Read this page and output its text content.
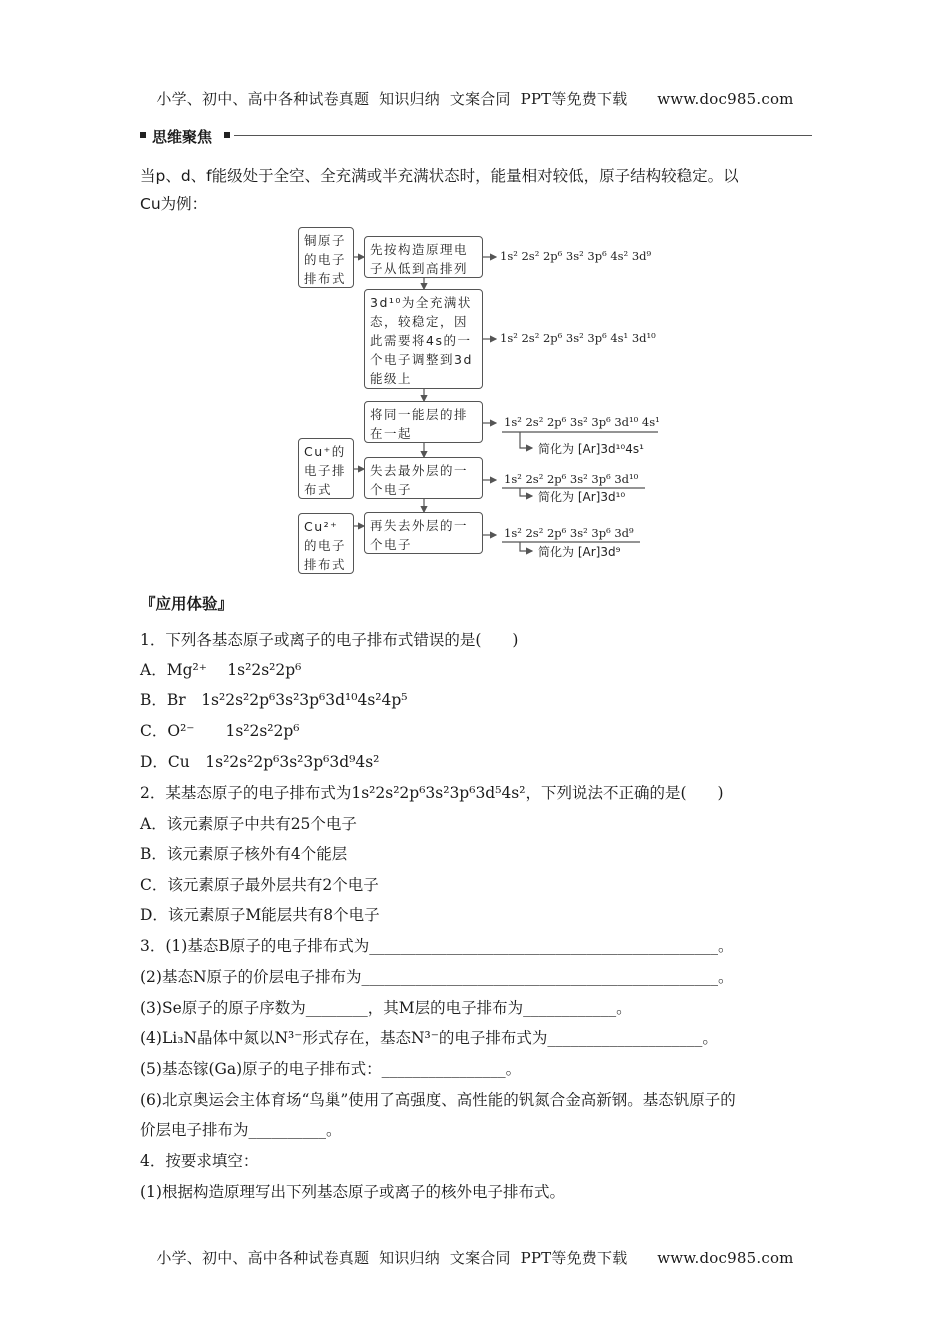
小学、初中、高中各种试卷真题  知识归纳  文案合同  PPT等免费下载      www.doc985.com
思维聚焦
当p、d、f能级处于全空、全充满或半充满状态时，能量相对较低，原子结构较稳定。以
Cu为例：
铜原子的电子排布式
Cu⁺的电子排布式
Cu²⁺的电子排布式
先按构造原理电子从低到高排列
3d¹⁰为全充满状态，较稳定，因此需要将4s的一个电子调整到3d能级上
将同一能层的排在一起
失去最外层的一个电子
再失去外层的一个电子
1s² 2s² 2p⁶ 3s² 3p⁶ 4s² 3d⁹
1s² 2s² 2p⁶ 3s² 3p⁶ 4s¹ 3d¹⁰
1s² 2s² 2p⁶ 3s² 3p⁶ 3d¹⁰ 4s¹
简化为 [Ar]3d¹⁰4s¹
1s² 2s² 2p⁶ 3s² 3p⁶ 3d¹⁰
简化为 [Ar]3d¹⁰
1s² 2s² 2p⁶ 3s² 3p⁶ 3d⁹
简化为 [Ar]3d⁹
『应用体验』
1．下列各基态原子或离子的电子排布式错误的是(　　)
A．Mg²⁺　 1s²2s²2p⁶
B．Br　1s²2s²2p⁶3s²3p⁶3d¹⁰4s²4p⁵
C．O²⁻　　1s²2s²2p⁶
D．Cu　1s²2s²2p⁶3s²3p⁶3d⁹4s²
2．某基态原子的电子排布式为1s²2s²2p⁶3s²3p⁶3d⁵4s²，下列说法不正确的是(　　)
A．该元素原子中共有25个电子
B．该元素原子核外有4个能层
C．该元素原子最外层共有2个电子
D．该元素原子M能层共有8个电子
3．(1)基态B原子的电子排布式为_____________________________________________。
(2)基态N原子的价层电子排布为______________________________________________。
(3)Se原子的原子序数为________，其M层的电子排布为____________。
(4)Li₃N晶体中氮以N³⁻形式存在，基态N³⁻的电子排布式为____________________。
(5)基态镓(Ga)原子的电子排布式：________________。
(6)北京奥运会主体育场“鸟巢”使用了高强度、高性能的钒氮合金高新钢。基态钒原子的
价层电子排布为__________。
4．按要求填空：
(1)根据构造原理写出下列基态原子或离子的核外电子排布式。
小学、初中、高中各种试卷真题  知识归纳  文案合同  PPT等免费下载      www.doc985.com
